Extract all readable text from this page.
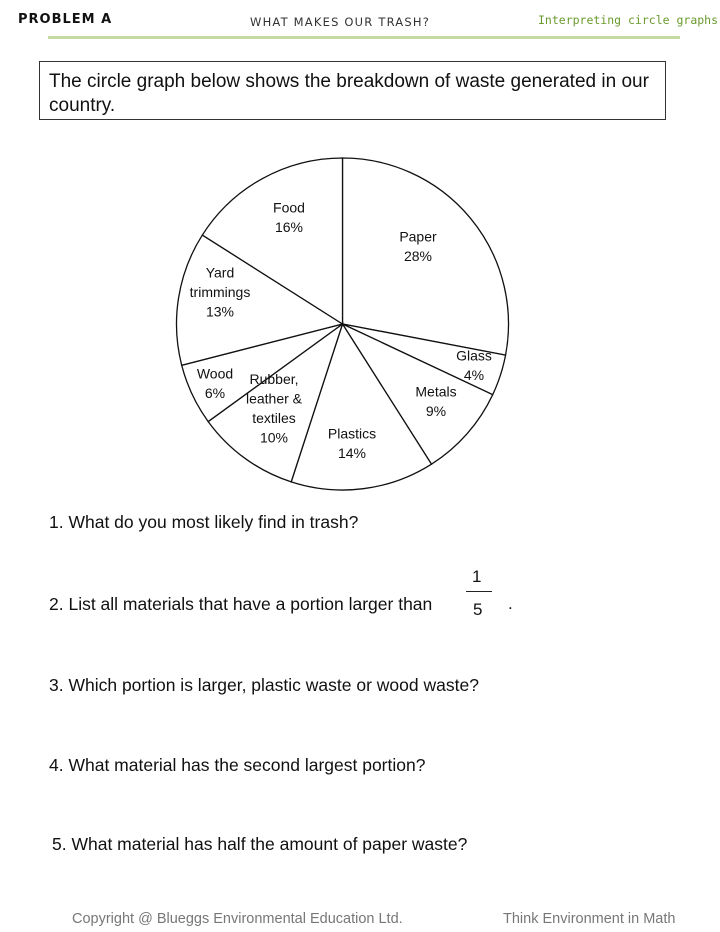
PROBLEM A	WHAT MAKES OUR TRASH?	Interpreting circle graphs
The circle graph below shows the breakdown of waste generated in our country.
Paper 28%
Glass 4%
Metals 9%
Plastics 14%
Rubber, leather & textiles 10%
Wood 6%
Yard trimmings 13%
Food 16%
1. What do you most likely find in trash?
2. List all materials that have a portion larger than
1
5 .
3. Which portion is larger, plastic waste or wood waste?
4. What material has the second largest portion?
5. What material has half the amount of paper waste?
Copyright @ Blueggs Environmental Education Ltd.	Think Environment in Math
